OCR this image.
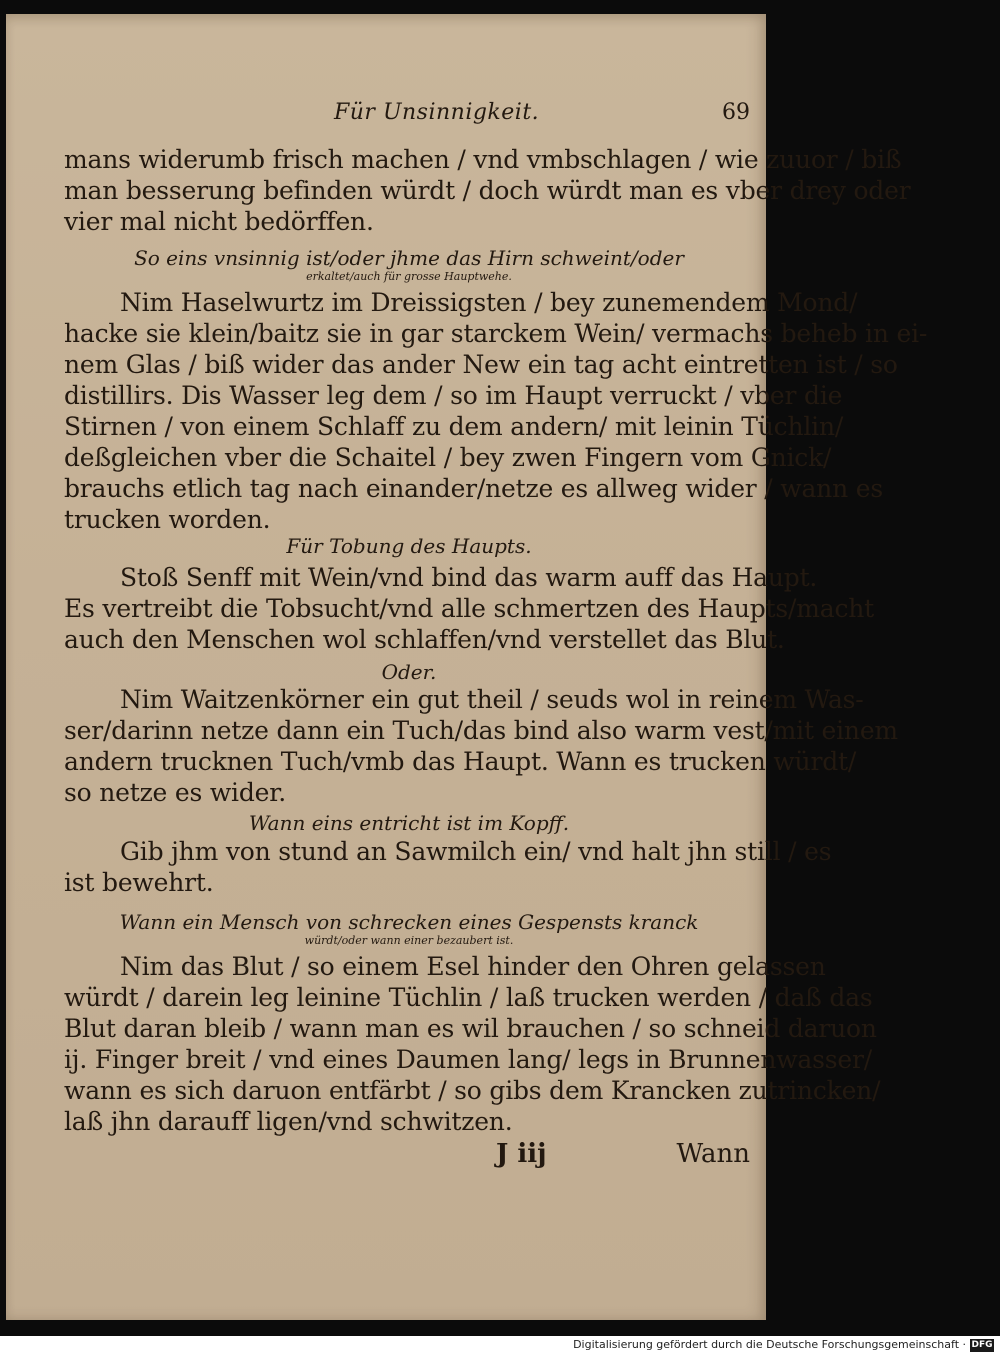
Für Unsinnigkeit.	69
mans widerumb frisch machen / vnd vmbschlagen / wie zuuor / biß
man besserung befinden würdt / doch würdt man es vber drey oder
vier mal nicht bedörffen.
So eins vnsinnig ist/oder jhme das Hirn schweint/oder
erkaltet/auch für grosse Hauptwehe.
Nim Haselwurtz im Dreissigsten / bey zunemendem Mond/
hacke sie klein/baitz sie in gar starckem Wein/ vermachs beheb in ei-
nem Glas / biß wider das ander New ein tag acht eintretten ist / so
distillirs. Dis Wasser leg dem / so im Haupt verruckt / vber die
Stirnen / von einem Schlaff zu dem andern/ mit leinin Tüchlin/
deßgleichen vber die Schaitel / bey zwen Fingern vom Gnick/
brauchs etlich tag nach einander/netze es allweg wider / wann es
trucken worden.
Für Tobung des Haupts.
Stoß Senff mit Wein/vnd bind das warm auff das Haupt.
Es vertreibt die Tobsucht/vnd alle schmertzen des Haupts/macht
auch den Menschen wol schlaffen/vnd verstellet das Blut.
Oder.
Nim Waitzenkörner ein gut theil / seuds wol in reinem Was-
ser/darinn netze dann ein Tuch/das bind also warm vest/mit einem
andern trucknen Tuch/vmb das Haupt. Wann es trucken würdt/
so netze es wider.
Wann eins entricht ist im Kopff.
Gib jhm von stund an Sawmilch ein/ vnd halt jhn still / es
ist bewehrt.
Wann ein Mensch von schrecken eines Gespensts kranck
würdt/oder wann einer bezaubert ist.
Nim das Blut / so einem Esel hinder den Ohren gelassen
würdt / darein leg leinine Tüchlin / laß trucken werden / daß das
Blut daran bleib / wann man es wil brauchen / so schneid daruon
ij. Finger breit / vnd eines Daumen lang/ legs in Brunnenwasser/
wann es sich daruon entfärbt / so gibs dem Krancken zutrincken/
laß jhn darauff ligen/vnd schwitzen.
J iij	Wann
Digitalisierung gefördert durch die Deutsche Forschungsgemeinschaft · DFG
